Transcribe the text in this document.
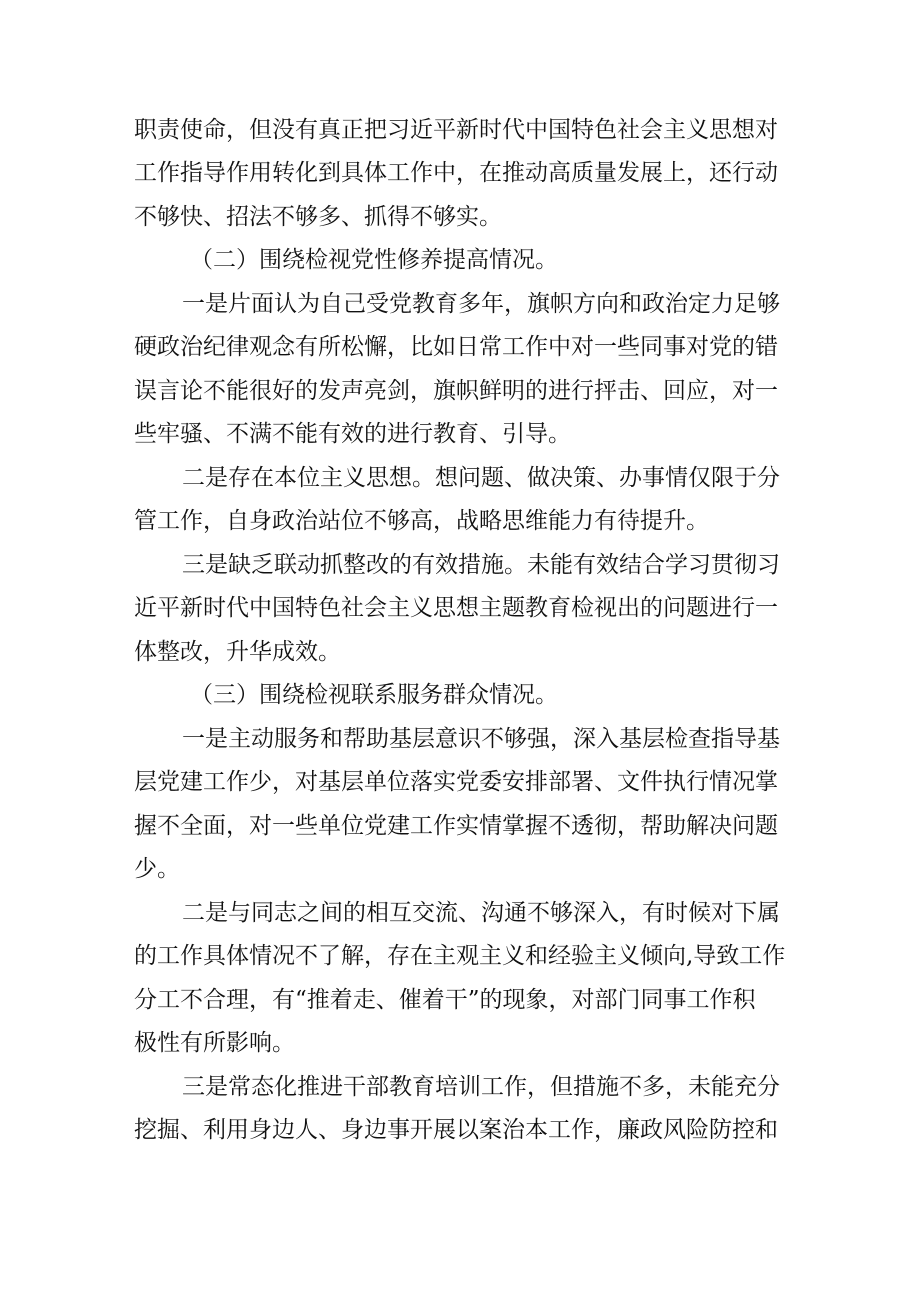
职责使命，但没有真正把习近平新时代中国特色社会主义思想对
工作指导作用转化到具体工作中，在推动高质量发展上，还行动
不够快、招法不够多、抓得不够实。
（二）围绕检视党性修养提高情况。
一是片面认为自己受党教育多年，旗帜方向和政治定力足够
硬政治纪律观念有所松懈，比如日常工作中对一些同事对党的错
误言论不能很好的发声亮剑，旗帜鲜明的进行抨击、回应，对一
些牢骚、不满不能有效的进行教育、引导。
二是存在本位主义思想。想问题、做决策、办事情仅限于分
管工作，自身政治站位不够高，战略思维能力有待提升。
三是缺乏联动抓整改的有效措施。未能有效结合学习贯彻习
近平新时代中国特色社会主义思想主题教育检视出的问题进行一
体整改，升华成效。
（三）围绕检视联系服务群众情况。
一是主动服务和帮助基层意识不够强，深入基层检查指导基
层党建工作少，对基层单位落实党委安排部署、文件执行情况掌
握不全面，对一些单位党建工作实情掌握不透彻，帮助解决问题
少。
二是与同志之间的相互交流、沟通不够深入，有时候对下属
的工作具体情况不了解，存在主观主义和经验主义倾向,导致工作
分工不合理，有“推着走、催着干”的现象，对部门同事工作积
极性有所影响。
三是常态化推进干部教育培训工作，但措施不多，未能充分
挖掘、利用身边人、身边事开展以案治本工作，廉政风险防控和
